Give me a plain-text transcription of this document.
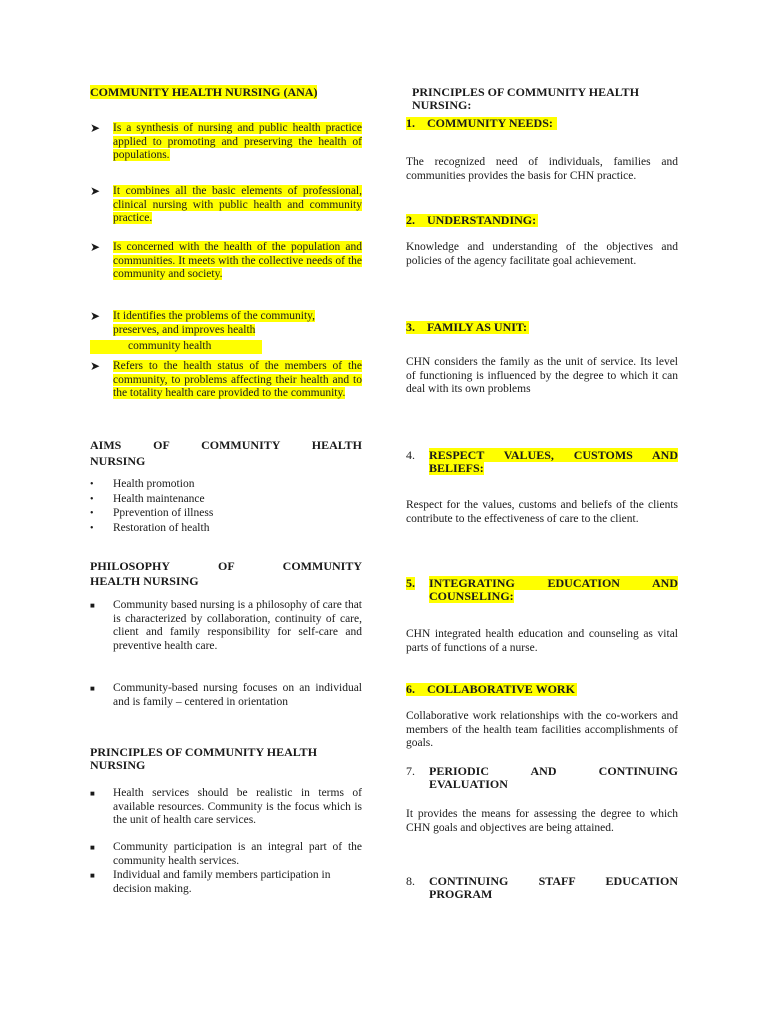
COMMUNITY HEALTH NURSING (ANA)
➤ Is a synthesis of nursing and public health practice applied to promoting and preserving the health of populations.
➤ It combines all the basic elements of professional, clinical nursing with public health and community practice.
➤ Is concerned with the health of the population and communities. It meets with the collective needs of the community and society.
➤ It identifies the problems of the community, preserves, and improves health
community health
➤ Refers to the health status of the members of the community, to problems affecting their health and to the totality health care provided to the community.
AIMS	OF	COMMUNITY	HEALTH
NURSING
• Health promotion
• Health maintenance
• Pprevention of illness
• Restoration of health
PHILOSOPHY	OF	COMMUNITY
HEALTH NURSING
■ Community based nursing is a philosophy of care that is characterized by collaboration, continuity of care, client and family responsibility for self-care and preventive health care.
■ Community-based nursing focuses on an individual and is family – centered in orientation
PRINCIPLES OF COMMUNITY HEALTH NURSING
■ Health services should be realistic in terms of available resources. Community is the focus which is the unit of health care services.
■ Community participation is an integral part of the community health services.
■ Individual and family members participation in decision making.
PRINCIPLES OF COMMUNITY HEALTH NURSING:
1. COMMUNITY NEEDS:
The recognized need of individuals, families and communities provides the basis for CHN practice.
2. UNDERSTANDING:
Knowledge and understanding of the objectives and policies of the agency facilitate goal achievement.
3. FAMILY AS UNIT:
CHN considers the family as the unit of service. Its level of functioning is influenced by the degree to which it can deal with its own problems
4. RESPECT VALUES, CUSTOMS AND BELIEFS:
Respect for the values, customs and beliefs of the clients contribute to the effectiveness of care to the client.
5. INTEGRATING EDUCATION AND COUNSELING:
CHN integrated health education and counseling as vital parts of functions of a nurse.
6. COLLABORATIVE WORK
Collaborative work relationships with the co-workers and members of the health team facilities accomplishments of goals.
7. PERIODIC AND CONTINUING EVALUATION
It provides the means for assessing the degree to which CHN goals and objectives are being attained.
8. CONTINUING STAFF EDUCATION PROGRAM
